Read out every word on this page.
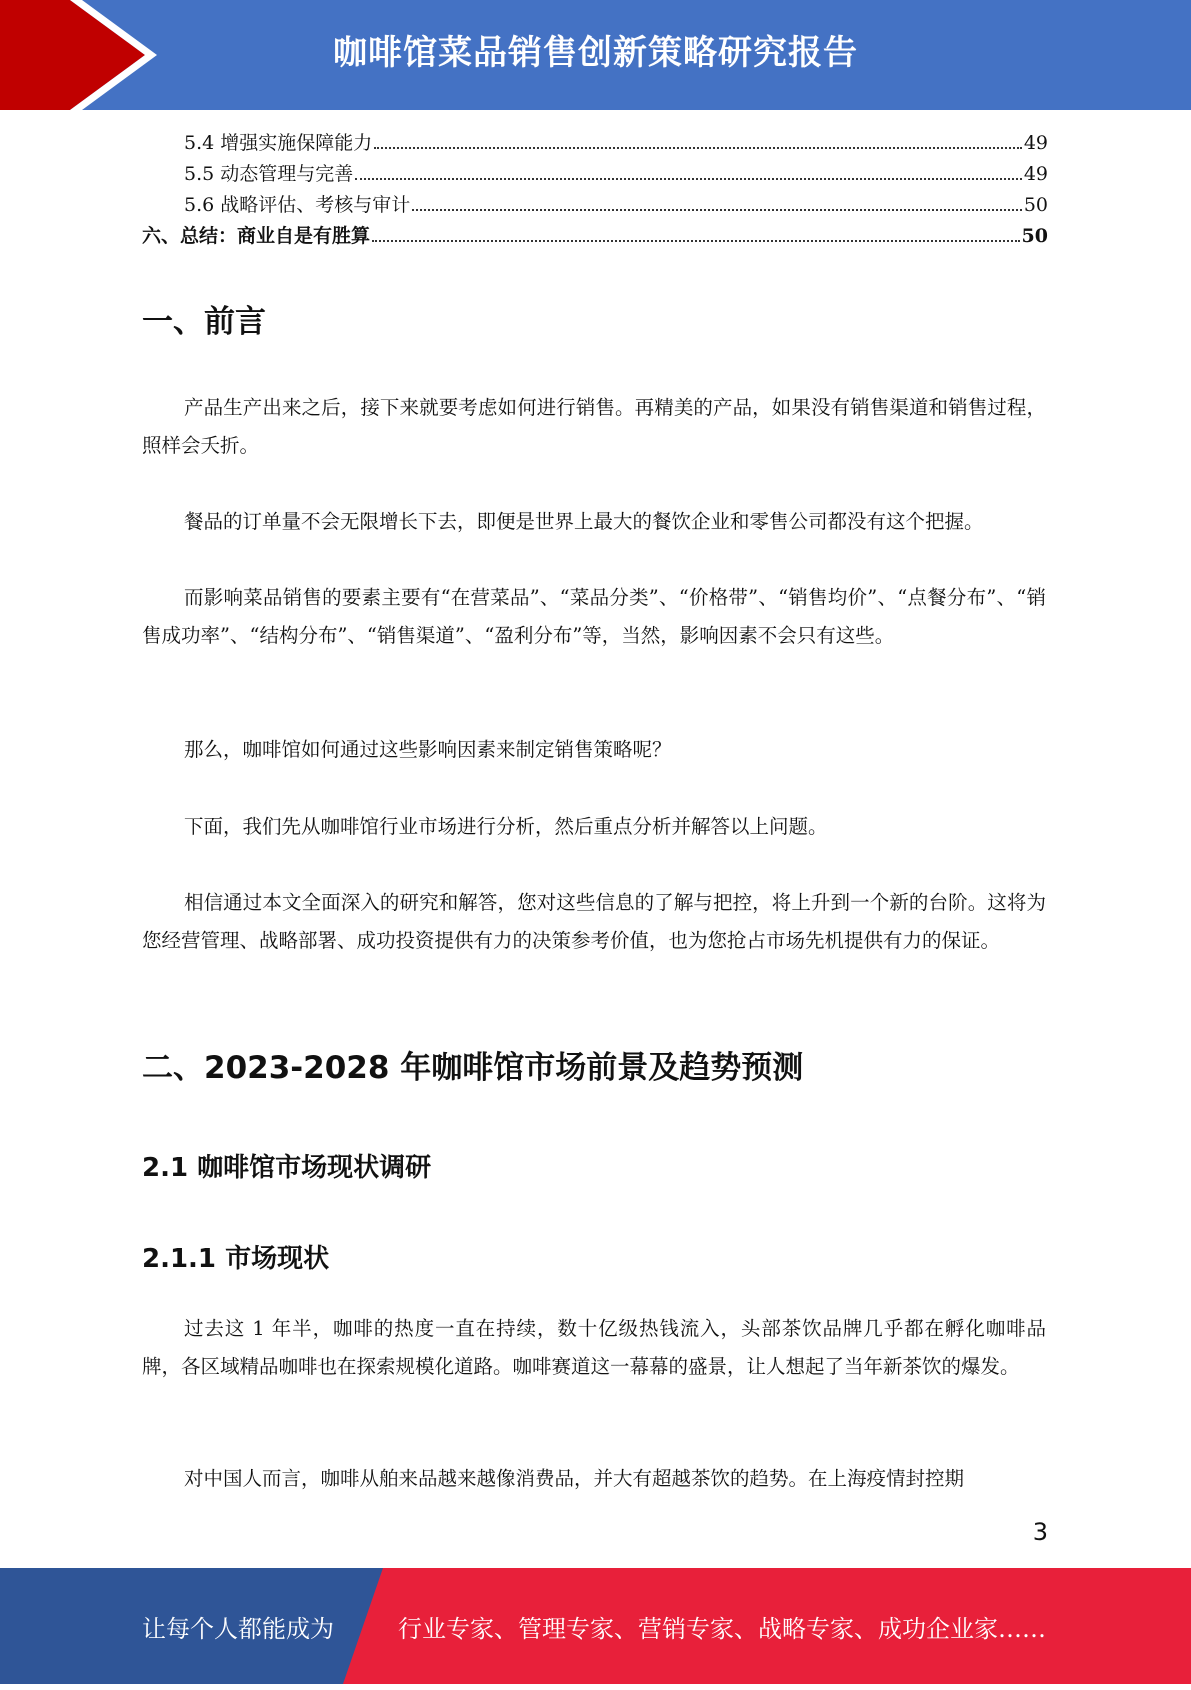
咖啡馆菜品销售创新策略研究报告
5.4 增强实施保障能力	49
5.5 动态管理与完善	49
5.6 战略评估、考核与审计	50
六、总结：商业自是有胜算	50
一、前言

产品生产出来之后，接下来就要考虑如何进行销售。再精美的产品，如果没有销售渠道和销售过程，照样会夭折。

餐品的订单量不会无限增长下去，即便是世界上最大的餐饮企业和零售公司都没有这个把握。

而影响菜品销售的要素主要有“在营菜品”、“菜品分类”、“价格带”、“销售均价”、“点餐分布”、“销售成功率”、“结构分布”、“销售渠道”、“盈利分布”等，当然，影响因素不会只有这些。

那么，咖啡馆如何通过这些影响因素来制定销售策略呢？

下面，我们先从咖啡馆行业市场进行分析，然后重点分析并解答以上问题。

相信通过本文全面深入的研究和解答，您对这些信息的了解与把控，将上升到一个新的台阶。这将为您经营管理、战略部署、成功投资提供有力的决策参考价值，也为您抢占市场先机提供有力的保证。

二、2023-2028 年咖啡馆市场前景及趋势预测
2.1 咖啡馆市场现状调研
2.1.1 市场现状

过去这 1 年半，咖啡的热度一直在持续，数十亿级热钱流入，头部茶饮品牌几乎都在孵化咖啡品牌，各区域精品咖啡也在探索规模化道路。咖啡赛道这一幕幕的盛景，让人想起了当年新茶饮的爆发。

对中国人而言，咖啡从舶来品越来越像消费品，并大有超越茶饮的趋势。在上海疫情封控期

3
让每个人都能成为	行业专家、管理专家、营销专家、战略专家、成功企业家……
